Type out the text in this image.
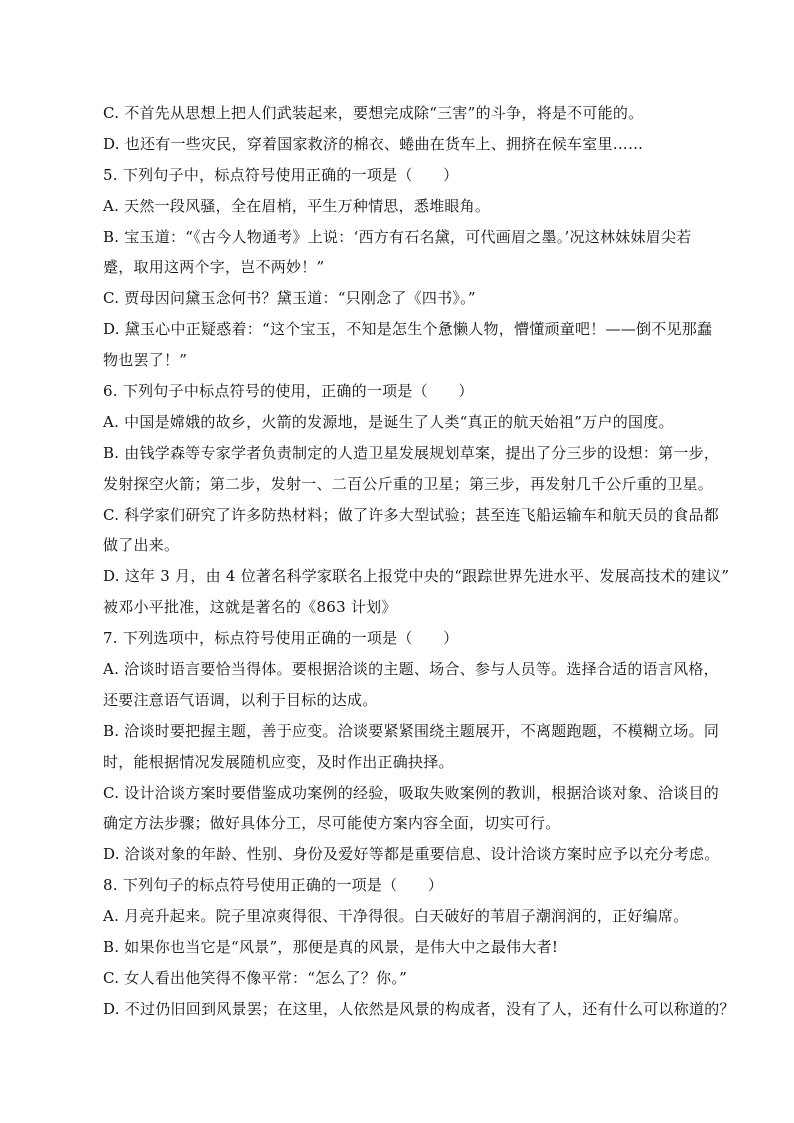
C. 不首先从思想上把人们武装起来，要想完成除“三害”的斗争，将是不可能的。
D. 也还有一些灾民，穿着国家救济的棉衣、蜷曲在货车上、拥挤在候车室里……
5. 下列句子中，标点符号使用正确的一项是（　　）
A. 天然一段风骚，全在眉梢，平生万种情思，悉堆眼角。
B. 宝玉道：“《古今人物通考》上说：‘西方有石名黛，可代画眉之墨。’况这林妹妹眉尖若
蹙，取用这两个字，岂不两妙！”
C. 贾母因问黛玉念何书？黛玉道：“只刚念了《四书》。”
D. 黛玉心中正疑惑着：“这个宝玉，不知是怎生个惫懒人物，懵懂顽童吧！——倒不见那蠢
物也罢了！”
6. 下列句子中标点符号的使用，正确的一项是（　　）
A. 中国是嫦娥的故乡，火箭的发源地，是诞生了人类“真正的航天始祖”万户的国度。
B. 由钱学森等专家学者负责制定的人造卫星发展规划草案，提出了分三步的设想：第一步，
发射探空火箭；第二步，发射一、二百公斤重的卫星；第三步，再发射几千公斤重的卫星。
C. 科学家们研究了许多防热材料；做了许多大型试验；甚至连飞船运输车和航天员的食品都
做了出来。
D. 这年 3 月，由 4 位著名科学家联名上报党中央的“跟踪世界先进水平、发展高技术的建议”
被邓小平批准，这就是著名的《863 计划》
7. 下列选项中，标点符号使用正确的一项是（　　）
A. 洽谈时语言要恰当得体。要根据洽谈的主题、场合、参与人员等。选择合适的语言风格，
还要注意语气语调，以利于目标的达成。
B. 洽谈时要把握主题，善于应变。洽谈要紧紧围绕主题展开，不离题跑题，不模糊立场。同
时，能根据情况发展随机应变，及时作出正确抉择。
C. 设计洽谈方案时要借鉴成功案例的经验，吸取失败案例的教训，根据洽谈对象、洽谈目的
确定方法步骤；做好具体分工，尽可能使方案内容全面，切实可行。
D. 洽谈对象的年龄、性别、身份及爱好等都是重要信息、设计洽谈方案时应予以充分考虑。
8. 下列句子的标点符号使用正确的一项是（　　）
A. 月亮升起来。院子里凉爽得很、干净得很。白天破好的苇眉子潮润润的，正好编席。
B. 如果你也当它是“风景”，那便是真的风景，是伟大中之最伟大者!
C. 女人看出他笑得不像平常：“怎么了？你。”
D. 不过仍旧回到风景罢；在这里，人依然是风景的构成者，没有了人，还有什么可以称道的？
